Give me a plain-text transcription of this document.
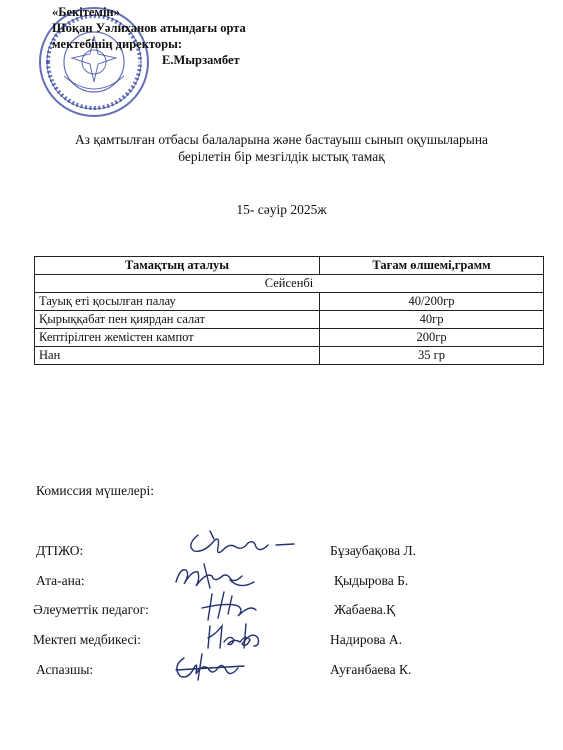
«Бекітемін»
Шоқан Уәлиханов атындағы орта
мектебінің директоры:
Е.Мырзамбет
Аз қамтылған отбасы балаларына және бастауыш сынып оқушыларына
берілетін бір мезгілдік ыстық тамақ
15- сәуір 2025ж
Тамақтың аталуы	Тағам өлшемі,грамм
Сейсенбі	
Тауық еті қосылған палау	40/200гр
Қырыққабат пен қиярдан салат	40гр
Кептірілген жемістен кампот	200гр
Нан	35 гр
Комиссия мүшелері:
ДТІЖО:	Бұзаубақова Л.
Ата-ана:	Қыдырова Б.
Әлеуметтік педагог:	Жабаева.Қ
Мектеп медбикесі:	Надирова А.
Аспазшы:	Ауғанбаева К.
